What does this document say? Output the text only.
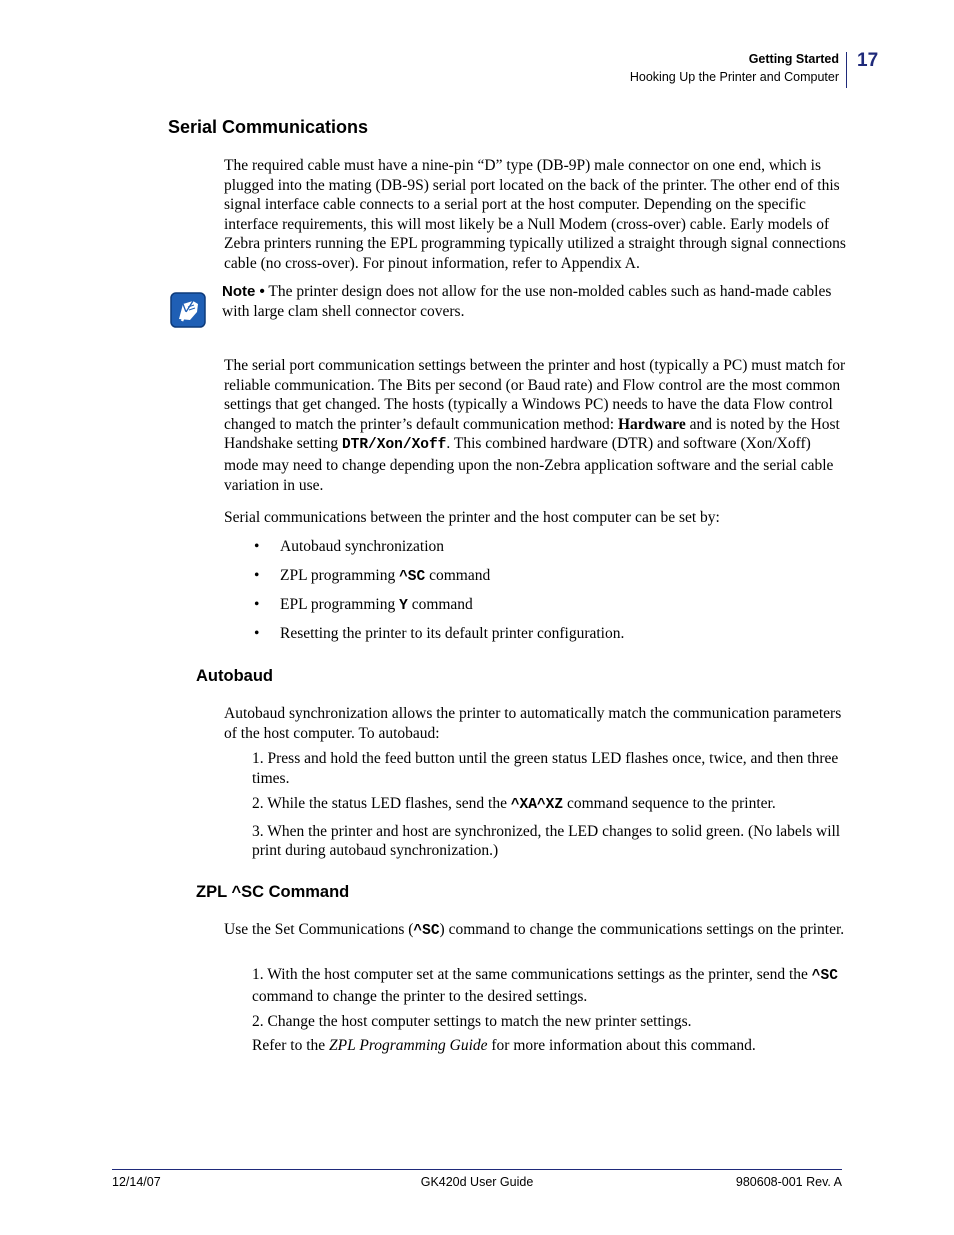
Getting Started
Hooking Up the Printer and Computer
17
Serial Communications

The required cable must have a nine-pin “D” type (DB-9P) male connector on one end, which is plugged into the mating (DB-9S) serial port located on the back of the printer. The other end of this signal interface cable connects to a serial port at the host computer. Depending on the specific interface requirements, this will most likely be a Null Modem (cross-over) cable. Early models of Zebra printers running the EPL programming typically utilized a straight through signal connections cable (no cross-over). For pinout information, refer to Appendix A.

Note • The printer design does not allow for the use non-molded cables such as hand-made cables with large clam shell connector covers.

The serial port communication settings between the printer and host (typically a PC) must match for reliable communication. The Bits per second (or Baud rate) and Flow control are the most common settings that get changed. The hosts (typically a Windows PC) needs to have the data Flow control changed to match the printer’s default communication method: Hardware and is noted by the Host Handshake setting DTR/Xon/Xoff. This combined hardware (DTR) and software (Xon/Xoff) mode may need to change depending upon the non-Zebra application software and the serial cable variation in use.

Serial communications between the printer and the host computer can be set by:

• Autobaud synchronization
• ZPL programming ^SC command
• EPL programming Y command
• Resetting the printer to its default printer configuration.
Autobaud

Autobaud synchronization allows the printer to automatically match the communication parameters of the host computer. To autobaud:

1. Press and hold the feed button until the green status LED flashes once, twice, and then three times.
2. While the status LED flashes, send the ^XA^XZ command sequence to the printer.
3. When the printer and host are synchronized, the LED changes to solid green. (No labels will print during autobaud synchronization.)
ZPL ^SC Command

Use the Set Communications (^SC) command to change the communications settings on the printer.

1. With the host computer set at the same communications settings as the printer, send the ^SC command to change the printer to the desired settings.
2. Change the host computer settings to match the new printer settings.

Refer to the ZPL Programming Guide for more information about this command.

12/14/07	GK420d User Guide	980608-001 Rev. A
